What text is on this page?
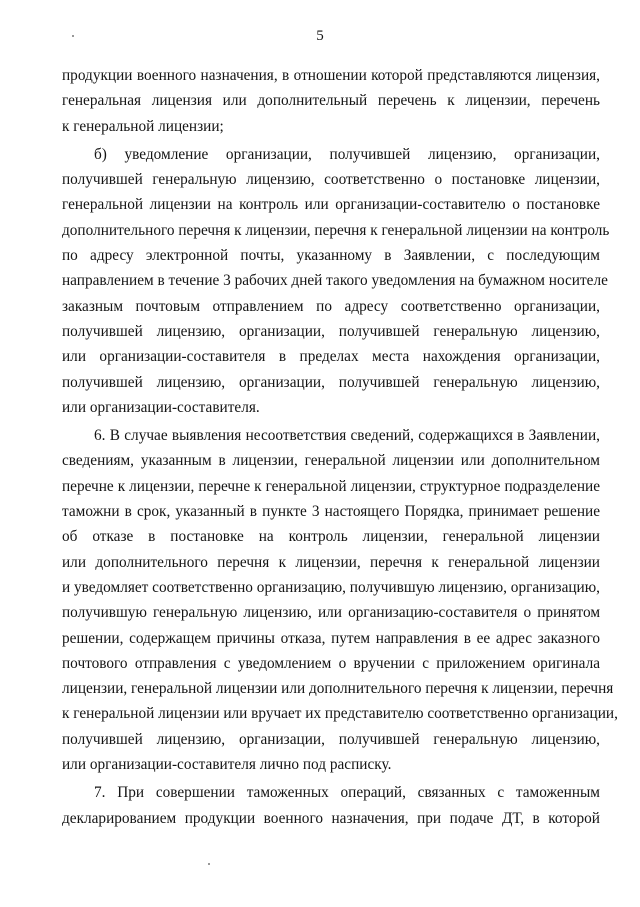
5

продукции военного назначения, в отношении которой представляются лицензия,
генеральная лицензия или дополнительный перечень к лицензии, перечень
к генеральной лицензии;

б) уведомление организации, получившей лицензию, организации,
получившей генеральную лицензию, соответственно о постановке лицензии,
генеральной лицензии на контроль или организации-составителю о постановке
дополнительного перечня к лицензии, перечня к генеральной лицензии на контроль
по адресу электронной почты, указанному в Заявлении, с последующим
направлением в течение 3 рабочих дней такого уведомления на бумажном носителе
заказным почтовым отправлением по адресу соответственно организации,
получившей лицензию, организации, получившей генеральную лицензию,
или организации-составителя в пределах места нахождения организации,
получившей лицензию, организации, получившей генеральную лицензию,
или организации-составителя.

6. В случае выявления несоответствия сведений, содержащихся в Заявлении,
сведениям, указанным в лицензии, генеральной лицензии или дополнительном
перечне к лицензии, перечне к генеральной лицензии, структурное подразделение
таможни в срок, указанный в пункте 3 настоящего Порядка, принимает решение
об отказе в постановке на контроль лицензии, генеральной лицензии
или дополнительного перечня к лицензии, перечня к генеральной лицензии
и уведомляет соответственно организацию, получившую лицензию, организацию,
получившую генеральную лицензию, или организацию-составителя о принятом
решении, содержащем причины отказа, путем направления в ее адрес заказного
почтового отправления с уведомлением о вручении с приложением оригинала
лицензии, генеральной лицензии или дополнительного перечня к лицензии, перечня
к генеральной лицензии или вручает их представителю соответственно организации,
получившей лицензию, организации, получившей генеральную лицензию,
или организации-составителя лично под расписку.

7. При совершении таможенных операций, связанных с таможенным
декларированием продукции военного назначения, при подаче ДТ, в которой
